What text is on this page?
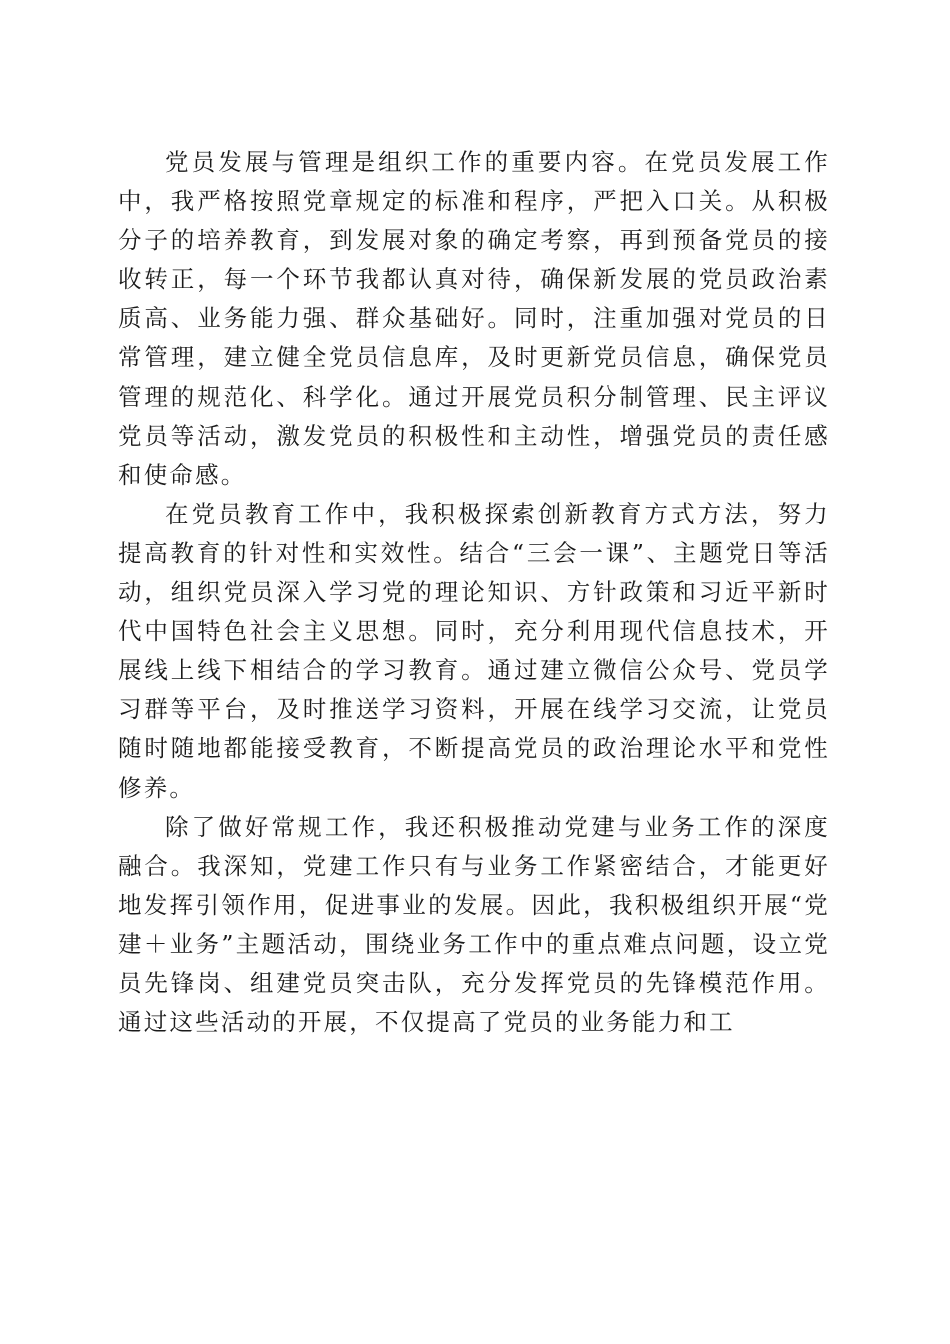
党员发展与管理是组织工作的重要内容。在党员发展工作中，我严格按照党章规定的标准和程序，严把入口关。从积极分子的培养教育，到发展对象的确定考察，再到预备党员的接收转正，每一个环节我都认真对待，确保新发展的党员政治素质高、业务能力强、群众基础好。同时，注重加强对党员的日常管理，建立健全党员信息库，及时更新党员信息，确保党员管理的规范化、科学化。通过开展党员积分制管理、民主评议党员等活动，激发党员的积极性和主动性，增强党员的责任感和使命感。

在党员教育工作中，我积极探索创新教育方式方法，努力提高教育的针对性和实效性。结合“三会一课”、主题党日等活动，组织党员深入学习党的理论知识、方针政策和习近平新时代中国特色社会主义思想。同时，充分利用现代信息技术，开展线上线下相结合的学习教育。通过建立微信公众号、党员学习群等平台，及时推送学习资料，开展在线学习交流，让党员随时随地都能接受教育，不断提高党员的政治理论水平和党性修养。

除了做好常规工作，我还积极推动党建与业务工作的深度融合。我深知，党建工作只有与业务工作紧密结合，才能更好地发挥引领作用，促进事业的发展。因此，我积极组织开展“党建＋业务”主题活动，围绕业务工作中的重点难点问题，设立党员先锋岗、组建党员突击队，充分发挥党员的先锋模范作用。通过这些活动的开展，不仅提高了党员的业务能力和工
